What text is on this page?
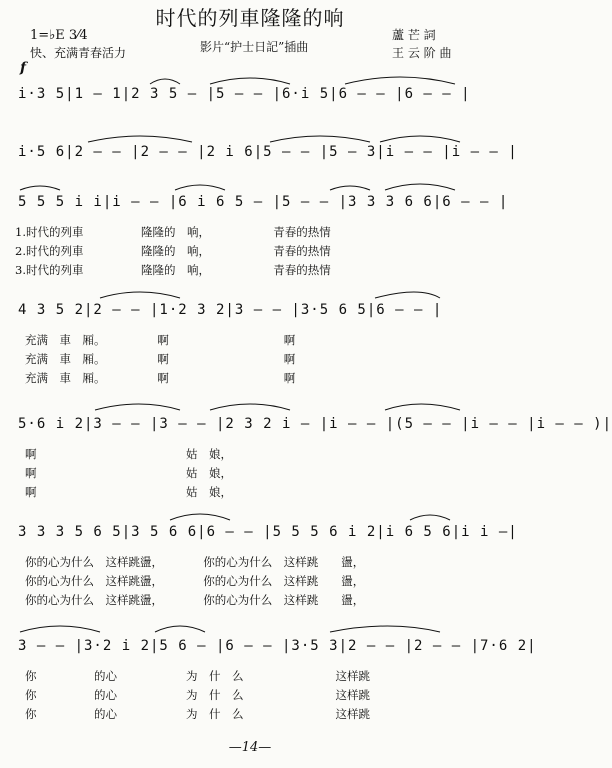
时代的列車隆隆的响
1=♭E 3⁄4
快、充满青春活力	影片“护士日記”插曲
蘆 芒 詞
王 云 阶 曲
f
i·3 5|1 — 1|2 3 5 — |5 — — |6·i 5|6 — — |6 — — |
i·5 6|2 — — |2 — — |2 i 6|5 — — |5 — 3|i — — |i — — |
5 5 5 i i|i — — |6 i 6 5 — |5 — — |3 3 3 6 6|6 — — |
1.时代的列車　　　　　隆隆的　响，　　　　　　青春的热情
2.时代的列車　　　　　隆隆的　响，　　　　　　青春的热情
3.时代的列車　　　　　隆隆的　响，　　　　　　青春的热情
4 3 5 2|2 — — |1·2 3 2|3 — — |3·5 6 5|6 — — |
充满　車　厢。　　　　　啊　　　　　　　　　　啊
充满　車　厢。　　　　　啊　　　　　　　　　　啊
充满　車　厢。　　　　　啊　　　　　　　　　　啊
5·6 i 2|3 — — |3 — — |2 3 2 i — |i — — |(5 — — |i — — |i — — )|
啊　　　　　　　　　　　　　姑　娘，
啊　　　　　　　　　　　　　姑　娘，
啊　　　　　　　　　　　　　姑　娘，
3 3 3 5 6 5|3 5 6 6|6 — — |5 5 5 6 i 2|i 6 5 6|i i —|
你的心为什么　这样跳盪，　　　　你的心为什么　这样跳　　盪，
你的心为什么　这样跳盪，　　　　你的心为什么　这样跳　　盪，
你的心为什么　这样跳盪，　　　　你的心为什么　这样跳　　盪，
3 — — |3·2 i 2|5 6 — |6 — — |3·5 3|2 — — |2 — — |7·6 2|
你　　　　　的心　　　　　　为　什　么　　　　　　　　这样跳
你　　　　　的心　　　　　　为　什　么　　　　　　　　这样跳
你　　　　　的心　　　　　　为　什　么　　　　　　　　这样跳
—14—
